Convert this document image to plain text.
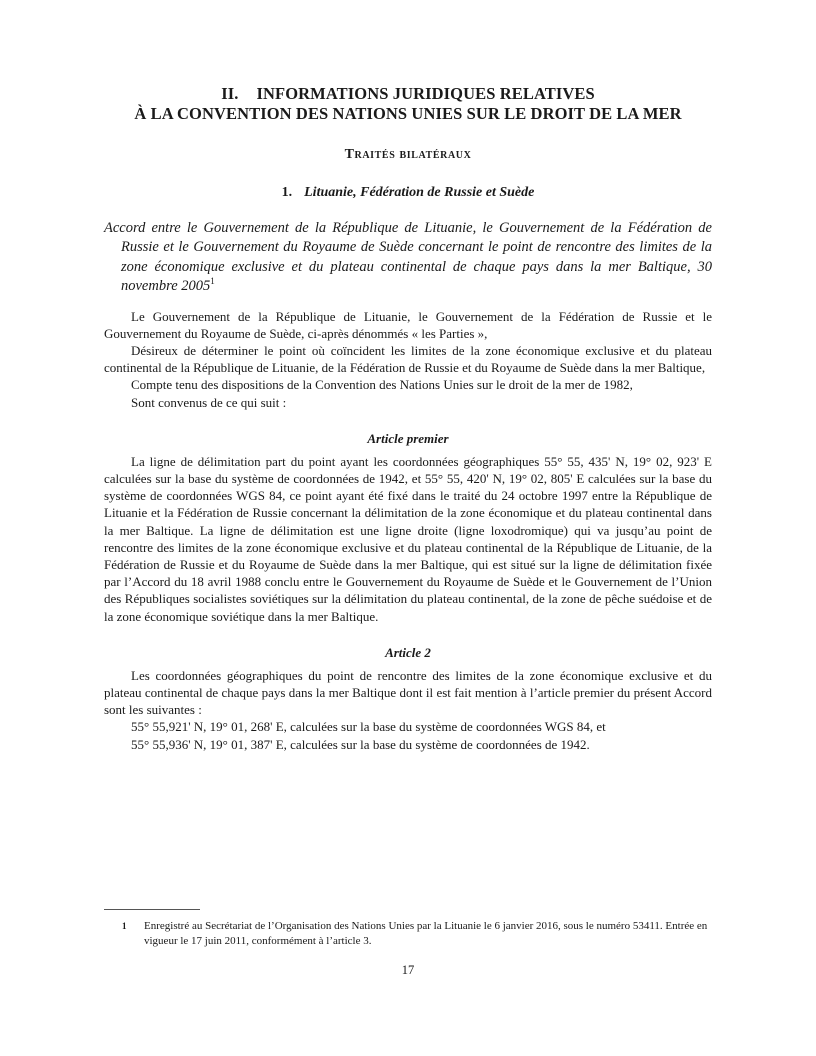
II. INFORMATIONS JURIDIQUES RELATIVES
À LA CONVENTION DES NATIONS UNIES SUR LE DROIT DE LA MER
Traités bilatéraux
1. Lituanie, Fédération de Russie et Suède

Accord entre le Gouvernement de la République de Lituanie, le Gouvernement de la Fédération de Russie et le Gouvernement du Royaume de Suède concernant le point de rencontre des limites de la zone économique exclusive et du plateau continental de chaque pays dans la mer Baltique, 30 novembre 2005$^1$

Le Gouvernement de la République de Lituanie, le Gouvernement de la Fédération de Russie et le Gouvernement du Royaume de Suède, ci-après dénommés « les Parties »,

Désireux de déterminer le point où coïncident les limites de la zone économique exclusive et du plateau continental de la République de Lituanie, de la Fédération de Russie et du Royaume de Suède dans la mer Baltique,

Compte tenu des dispositions de la Convention des Nations Unies sur le droit de la mer de 1982,

Sont convenus de ce qui suit :

Article premier

La ligne de délimitation part du point ayant les coordonnées géographiques 55° 55, 435' N, 19° 02, 923' E calculées sur la base du système de coordonnées de 1942, et 55° 55, 420' N, 19° 02, 805' E calculées sur la base du système de coordonnées WGS 84, ce point ayant été fixé dans le traité du 24 octobre 1997 entre la République de Lituanie et la Fédération de Russie concernant la délimitation de la zone économique et du plateau continental dans la mer Baltique. La ligne de délimitation est une ligne droite (ligne loxodromique) qui va jusqu’au point de rencontre des limites de la zone économique exclusive et du plateau continental de la République de Lituanie, de la Fédération de Russie et du Royaume de Suède dans la mer Baltique, qui est situé sur la ligne de délimitation fixée par l’Accord du 18 avril 1988 conclu entre le Gouvernement du Royaume de Suède et le Gouvernement de l’Union des Républiques socialistes soviétiques sur la délimitation du plateau continental, de la zone de pêche suédoise et de la zone économique soviétique dans la mer Baltique.

Article 2

Les coordonnées géographiques du point de rencontre des limites de la zone économique exclusive et du plateau continental de chaque pays dans la mer Baltique dont il est fait mention à l’article premier du présent Accord sont les suivantes :

55° 55,921' N, 19° 01, 268' E, calculées sur la base du système de coordonnées WGS 84, et

55° 55,936' N, 19° 01, 387' E, calculées sur la base du système de coordonnées de 1942.

1 Enregistré au Secrétariat de l’Organisation des Nations Unies par la Lituanie le 6 janvier 2016, sous le numéro 53411. Entrée en vigueur le 17 juin 2011, conformément à l’article 3.
17
